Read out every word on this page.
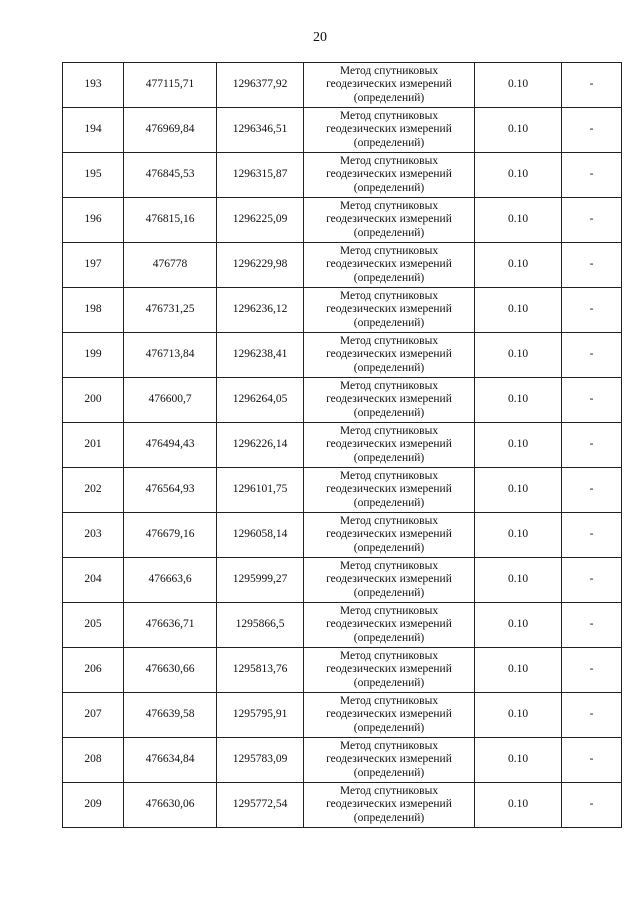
20
193	477115,71	1296377,92	Метод спутниковых
геодезических измерений
(определений)	0.10	-
194	476969,84	1296346,51	Метод спутниковых
геодезических измерений
(определений)	0.10	-
195	476845,53	1296315,87	Метод спутниковых
геодезических измерений
(определений)	0.10	-
196	476815,16	1296225,09	Метод спутниковых
геодезических измерений
(определений)	0.10	-
197	476778	1296229,98	Метод спутниковых
геодезических измерений
(определений)	0.10	-
198	476731,25	1296236,12	Метод спутниковых
геодезических измерений
(определений)	0.10	-
199	476713,84	1296238,41	Метод спутниковых
геодезических измерений
(определений)	0.10	-
200	476600,7	1296264,05	Метод спутниковых
геодезических измерений
(определений)	0.10	-
201	476494,43	1296226,14	Метод спутниковых
геодезических измерений
(определений)	0.10	-
202	476564,93	1296101,75	Метод спутниковых
геодезических измерений
(определений)	0.10	-
203	476679,16	1296058,14	Метод спутниковых
геодезических измерений
(определений)	0.10	-
204	476663,6	1295999,27	Метод спутниковых
геодезических измерений
(определений)	0.10	-
205	476636,71	1295866,5	Метод спутниковых
геодезических измерений
(определений)	0.10	-
206	476630,66	1295813,76	Метод спутниковых
геодезических измерений
(определений)	0.10	-
207	476639,58	1295795,91	Метод спутниковых
геодезических измерений
(определений)	0.10	-
208	476634,84	1295783,09	Метод спутниковых
геодезических измерений
(определений)	0.10	-
209	476630,06	1295772,54	Метод спутниковых
геодезических измерений
(определений)	0.10	-
